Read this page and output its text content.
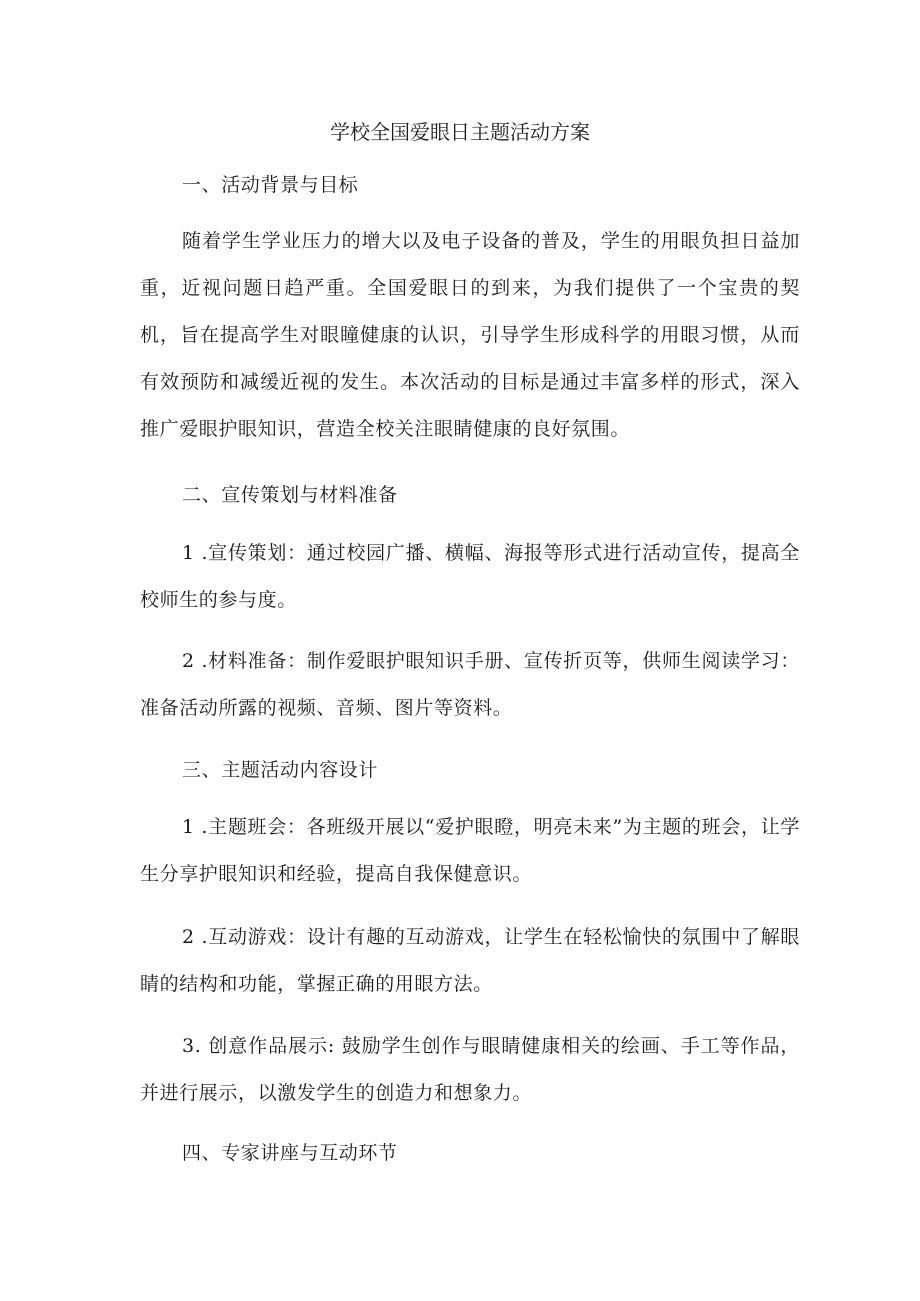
学校全国爱眼日主题活动方案
一、活动背景与目标

随着学生学业压力的增大以及电子设备的普及，学生的用眼负担日益加重，近视问题日趋严重。全国爱眼日的到来，为我们提供了一个宝贵的契机，旨在提高学生对眼瞳健康的认识，引导学生形成科学的用眼习惯，从而有效预防和减缓近视的发生。本次活动的目标是通过丰富多样的形式，深入推广爱眼护眼知识，营造全校关注眼睛健康的良好氛围。

二、宣传策划与材料准备

1 .宣传策划：通过校园广播、横幅、海报等形式进行活动宣传，提高全校师生的参与度。

2 .材料准备：制作爱眼护眼知识手册、宣传折页等，供师生阅读学习：准备活动所露的视频、音频、图片等资料。

三、主题活动内容设计

1 .主题班会：各班级开展以“爱护眼瞪，明亮未来”为主题的班会，让学生分享护眼知识和经验，提高自我保健意识。

2 .互动游戏：设计有趣的互动游戏，让学生在轻松愉快的氛围中了解眼睛的结构和功能，掌握正确的用眼方法。

3. 创意作品展示: 鼓励学生创作与眼睛健康相关的绘画、手工等作品，并进行展示，以激发学生的创造力和想象力。

四、专家讲座与互动环节
